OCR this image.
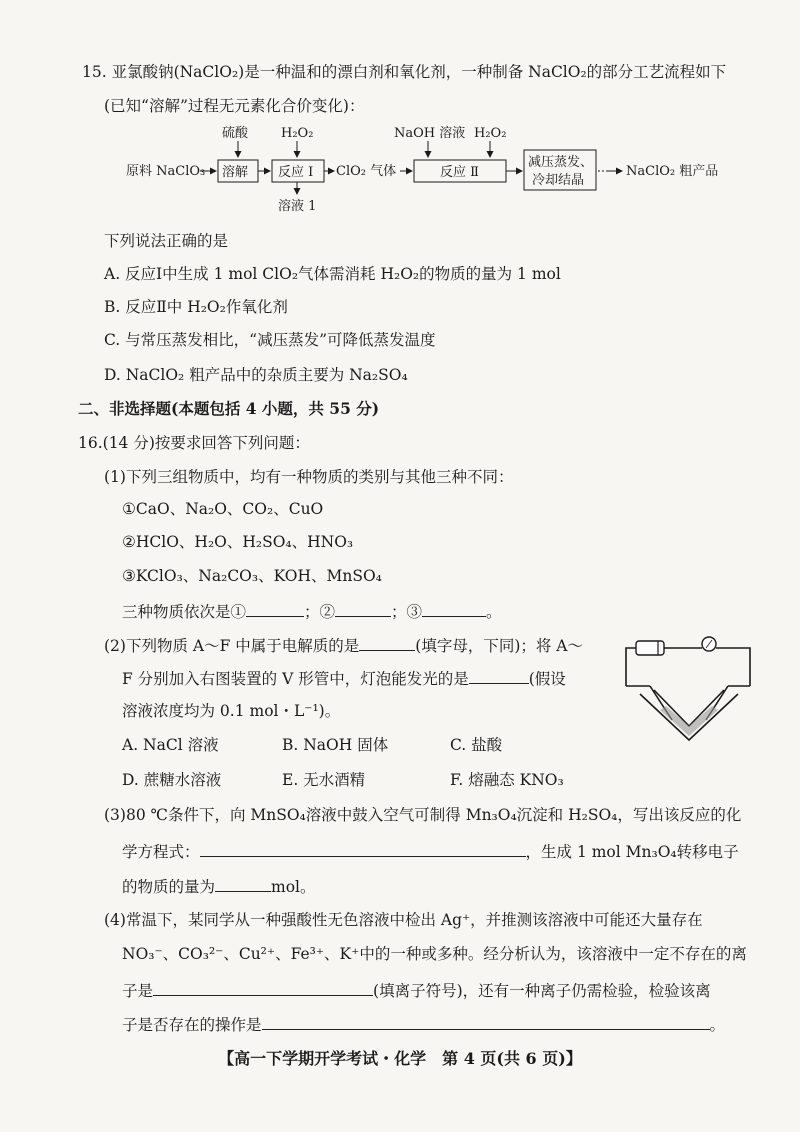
15. 亚氯酸钠(NaClO₂)是一种温和的漂白剂和氧化剂，一种制备 NaClO₂的部分工艺流程如下
(已知“溶解”过程无元素化合价变化)：
原料 NaClO₃ 溶解
硫酸
反应 Ⅰ
H₂O₂
溶液 1
ClO₂ 气体	反应 Ⅱ
NaOH 溶液 H₂O₂
减压蒸发、
冷却结晶
NaClO₂ 粗产品
下列说法正确的是
A. 反应Ⅰ中生成 1 mol ClO₂气体需消耗 H₂O₂的物质的量为 1 mol
B. 反应Ⅱ中 H₂O₂作氧化剂
C. 与常压蒸发相比，“减压蒸发”可降低蒸发温度
D. NaClO₂ 粗产品中的杂质主要为 Na₂SO₄
二、非选择题(本题包括 4 小题，共 55 分)
16.(14 分)按要求回答下列问题：
(1)下列三组物质中，均有一种物质的类别与其他三种不同：
①CaO、Na₂O、CO₂、CuO
②HClO、H₂O、H₂SO₄、HNO₃
③KClO₃、Na₂CO₃、KOH、MnSO₄
三种物质依次是①	；②	；③	。
(2)下列物质 A～F 中属于电解质的是	(填字母，下同)；将 A～
F 分别加入右图装置的 V 形管中，灯泡能发光的是	(假设
溶液浓度均为 0.1 mol・L⁻¹)。
A. NaCl 溶液	B. NaOH 固体	C. 盐酸
D. 蔗糖水溶液	E. 无水酒精	F. 熔融态 KNO₃
(3)80 ℃条件下，向 MnSO₄溶液中鼓入空气可制得 Mn₃O₄沉淀和 H₂SO₄，写出该反应的化
学方程式：	，生成 1 mol Mn₃O₄转移电子
的物质的量为	mol。
(4)常温下，某同学从一种强酸性无色溶液中检出 Ag⁺，并推测该溶液中可能还大量存在
NO₃⁻、CO₃²⁻、Cu²⁺、Fe³⁺、K⁺中的一种或多种。经分析认为，该溶液中一定不存在的离
子是	(填离子符号)，还有一种离子仍需检验，检验该离
子是否存在的操作是	。
【高一下学期开学考试・化学　第 4 页(共 6 页)】
